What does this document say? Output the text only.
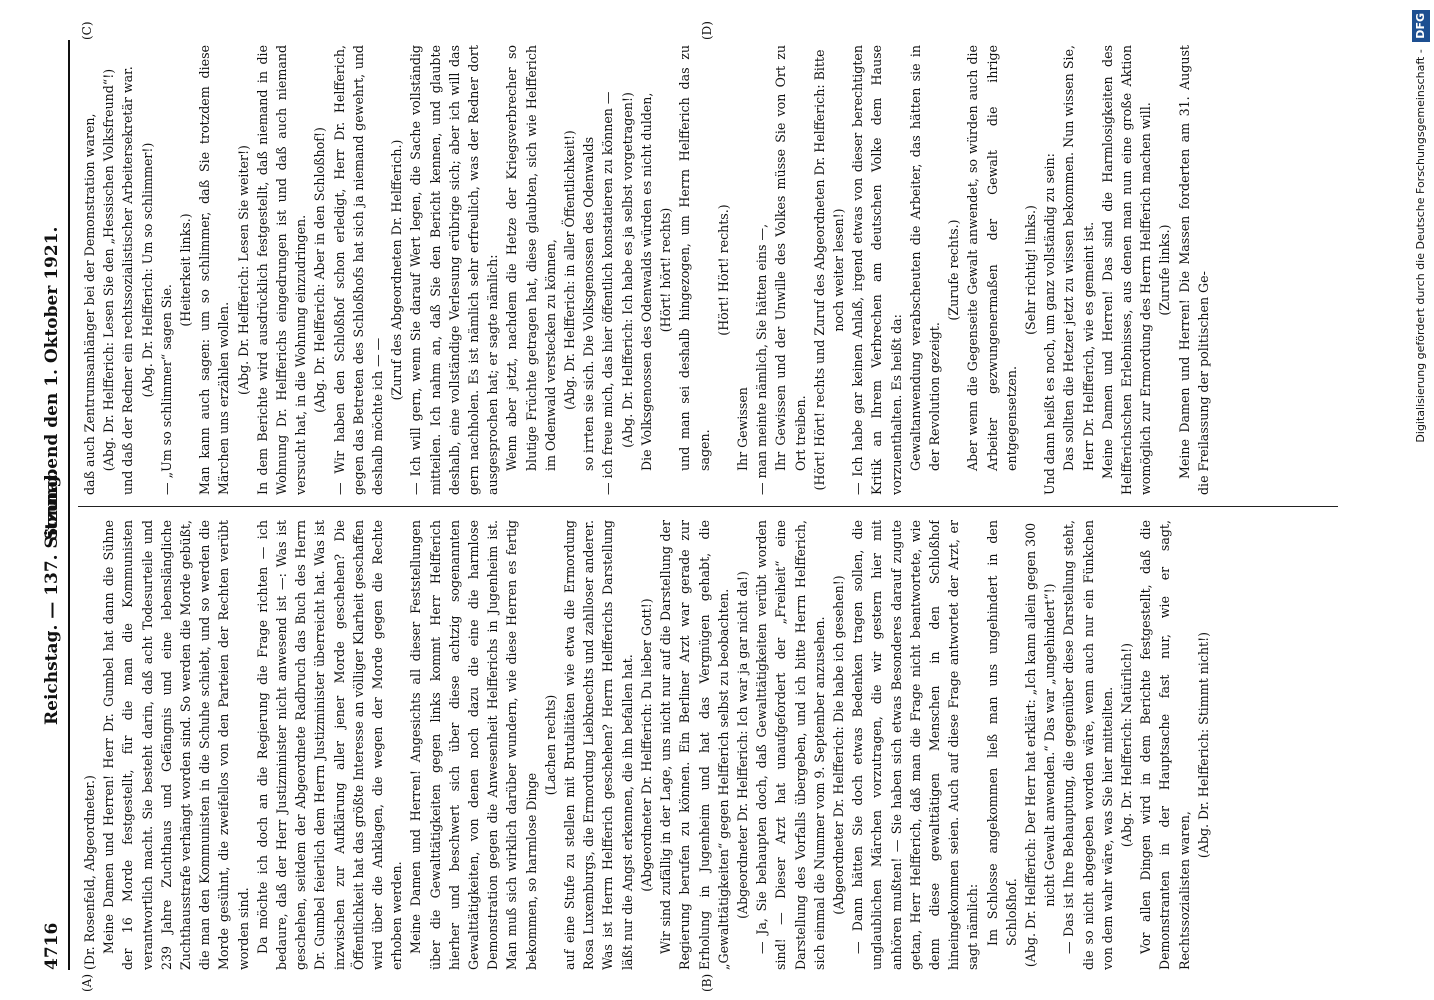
4716
Reichstag. — 137. Sitzung.
Sonnabend den 1. Oktober 1921.
(A)	(B)
(C)	(D)

(Dr. Rosenfeld, Abgeordneter.) Meine Damen und Herren! Herr Dr. Gumbel hat dann die Sühne der 16 Morde festgestellt, für die man die Kommunisten verantwortlich macht. Sie besteht darin, daß acht Todesurteile und 239 Jahre Zuchthaus und Gefängnis und eine lebenslängliche Zuchthausstrafe verhängt worden sind. So werden die Morde gebüßt, die man den Kommunisten in die Schuhe schiebt, und so werden die Morde gesühnt, die zweifellos von den Parteien der Rechten verübt worden sind. Da möchte ich doch an die Regierung die Frage richten — ich bedaure, daß der Herr Justizminister nicht anwesend ist —: Was ist geschehen, seitdem der Abgeordnete Radbruch das Buch des Herrn Dr. Gumbel feierlich dem Herrn Justizminister überreicht hat. Was ist inzwischen zur Aufklärung aller jener Morde geschehen? Die Öffentlichkeit hat das größte Interesse an völliger Klarheit geschaffen wird über die Anklagen, die wegen der Morde gegen die Rechte erhoben werden. Meine Damen und Herren! Angesichts all dieser Feststellungen über die Gewalttätigkeiten gegen links kommt Herr Helfferich hierher und beschwert sich über diese achtzig sogenannten Gewalttätigkeiten, von denen noch dazu die eine die harmlose Demonstration gegen die Anwesenheit Helfferichs in Jugenheim ist. Man muß sich wirklich darüber wundern, wie diese Herren es fertig bekommen, so harmlose Dinge

(Lachen rechts) auf eine Stufe zu stellen mit Brutalitäten wie etwa die Ermordung Rosa Luxemburgs, die Ermordung Liebknechts und zahlloser anderer. Was ist Herrn Helfferich geschehen? Herrn Helfferichs Darstellung läßt nur die Angst erkennen, die ihn befallen hat. (Abgeordneter Dr. Helfferich: Du lieber Gott!) Wir sind zufällig in der Lage, uns nicht nur auf die Darstellung der Regierung berufen zu können. Ein Berliner Arzt war gerade zur Erholung in Jugenheim und hat das Vergnügen gehabt, die „Gewalttätigkeiten“ gegen Helfferich selbst zu beobachten. (Abgeordneter Dr. Helfferich: Ich war ja gar nicht da!) — Ja, Sie behaupten doch, daß Gewalttätigkeiten verübt worden sind! — Dieser Arzt hat unaufgefordert der „Freiheit“ eine Darstellung des Vorfalls übergeben, und ich bitte Herrn Helfferich, sich einmal die Nummer vom 9. September anzusehen. (Abgeordneter Dr. Helfferich: Die habe ich gesehen!) — Dann hätten Sie doch etwas Bedenken tragen sollen, die unglaublichen Märchen vorzutragen, die wir gestern hier mit anhören mußten! — Sie haben sich etwas Besonderes darauf zugute getan, Herr Helfferich, daß man die Frage nicht beantwortete, wie denn diese gewalttätigen Menschen in den Schloßhof hineingekommen seien. Auch auf diese Frage antwortet der Arzt, er sagt nämlich: Im Schlosse angekommen ließ man uns ungehindert in den Schloßhof. (Abg. Dr. Helfferich: Der Herr hat erklärt: „Ich kann allein gegen 300 nicht Gewalt anwenden.“ Das war „ungehindert“!) — Das ist Ihre Behauptung, die gegenüber diese Darstellung steht, die so nicht abgegeben worden wäre, wenn auch nur ein Fünkchen von dem wahr wäre, was Sie hier mitteilten. (Abg. Dr. Helfferich: Natürlich!) Vor allen Dingen wird in dem Berichte festgestellt, daß die Demonstranten in der Hauptsache fast nur, wie er sagt, Rechtssozialisten waren,

(Abg. Dr. Helfferich: Stimmt nicht!)

daß auch Zentrumsanhänger bei der Demonstration waren, (Abg. Dr. Helfferich: Lesen Sie den „Hessischen Volksfreund“!) und daß der Redner ein rechtssozialistischer Arbeitersekretär war. (Abg. Dr. Helfferich: Um so schlimmer!) — „Um so schlimmer“ sagen Sie.

(Heiterkeit links.) Man kann auch sagen: um so schlimmer, daß Sie trotzdem diese Märchen uns erzählen wollen.

(Abg. Dr. Helfferich: Lesen Sie weiter!) In dem Berichte wird ausdrücklich festgestellt, daß niemand in die Wohnung Dr. Helfferichs eingedrungen ist und daß auch niemand versucht hat, in die Wohnung einzudringen. (Abg. Dr. Helfferich: Aber in den Schloßhof!) — Wir haben den Schloßhof schon erledigt, Herr Dr. Helfferich, gegen das Betreten des Schloßhofs hat sich ja niemand gewehrt, und deshalb möchte ich — —

(Zuruf des Abgeordneten Dr. Helfferich.) — Ich will gern, wenn Sie darauf Wert legen, die Sache vollständig mitteilen. Ich nahm an, daß Sie den Bericht kennen, und glaubte deshalb, eine vollständige Verlesung erübrige sich; aber ich will das gern nachholen. Es ist nämlich sehr erfreulich, was der Redner dort ausgesprochen hat; er sagte nämlich: Wenn aber jetzt, nachdem die Hetze der Kriegsverbrecher so blutige Früchte getragen hat, diese glaubten, sich wie Helfferich im Odenwald verstecken zu können, (Abg. Dr. Helfferich: in aller Öffentlichkeit!) so irrten sie sich. Die Volksgenossen des Odenwalds — ich freue mich, das hier öffentlich konstatieren zu können — (Abg. Dr. Helfferich: Ich habe es ja selbst vorgetragen!) Die Volksgenossen des Odenwalds würden es nicht dulden, (Hört! hört! rechts) und man sei deshalb hingezogen, um Herrn Helfferich das zu sagen.

(Hört! Hört! rechts.)

Ihr Gewissen — man meinte nämlich, Sie hätten eins —, Ihr Gewissen und der Unwille des Volkes müsse Sie von Ort zu Ort treiben. (Hört! Hört! rechts und Zuruf des Abgeordneten Dr. Helfferich: Bitte noch weiter lesen!) — Ich habe gar keinen Anlaß, irgend etwas von dieser berechtigten Kritik an Ihrem Verbrechen am deutschen Volke dem Hause vorzuenthalten. Es heißt da: Gewaltanwendung verabscheuten die Arbeiter, das hätten sie in der Revolution gezeigt.

(Zurufe rechts.) Aber wenn die Gegenseite Gewalt anwendet, so würden auch die Arbeiter gezwungenermaßen der Gewalt die ihrige entgegensetzen.

(Sehr richtig! links.) Und dann heißt es noch, um ganz vollständig zu sein: Das sollten die Hetzer jetzt zu wissen bekommen. Nun wissen Sie, Herr Dr. Helfferich, wie es gemeint ist. Meine Damen und Herren! Das sind die Harmlosigkeiten des Helfferichschen Erlebnisses, aus denen man nun eine große Aktion womöglich zur Ermordung des Herrn Helfferich machen will. (Zurufe links.) Meine Damen und Herren! Die Massen forderten am 31. August die Freilassung der politischen Ge-	Digitalisierung gefördert durch die Deutsche Forschungsgemeinschaft - DFG
